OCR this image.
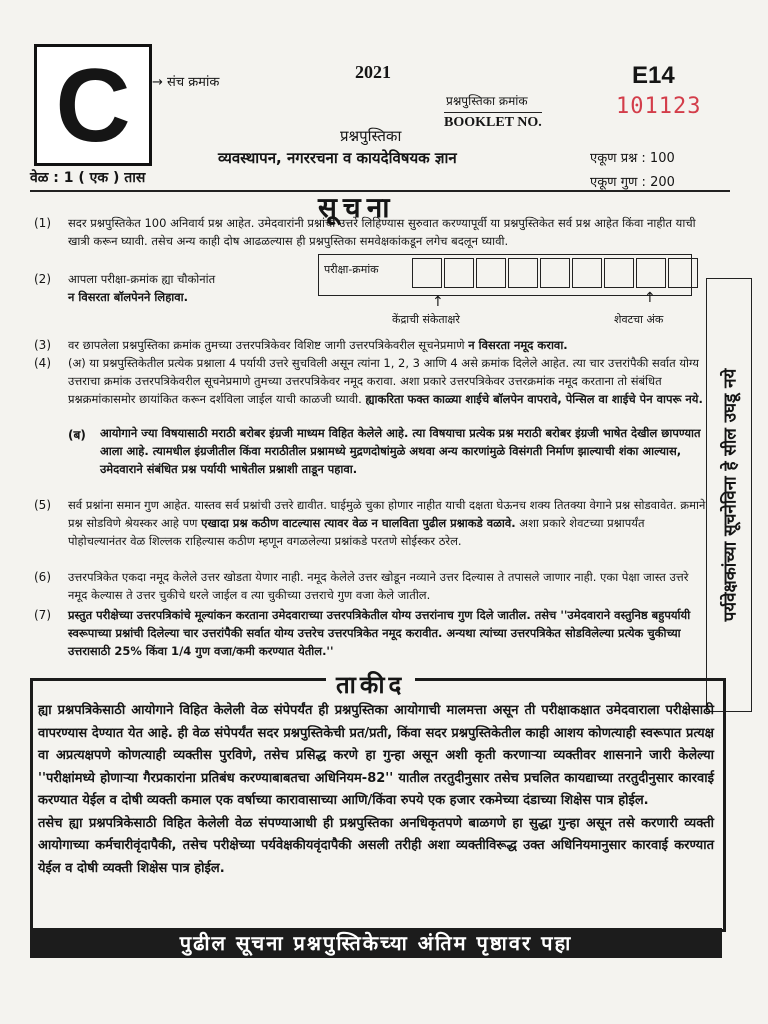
C	→ संच क्रमांक
2021	E14
101123
प्रश्नपुस्तिका क्रमांक
BOOKLET NO.
प्रश्नपुस्तिका
व्यवस्थापन, नगररचना व कायदेविषयक ज्ञान	एकूण प्रश्न : 100
एकूण गुण : 200
वेळ : 1 ( एक ) तास
सूचना
(1) सदर प्रश्नपुस्तिकेत 100 अनिवार्य प्रश्न आहेत. उमेदवारांनी प्रश्नांची उत्तरे लिहिण्यास सुरुवात करण्यापूर्वी या प्रश्नपुस्तिकेत सर्व प्रश्न आहेत किंवा नाहीत याची खात्री करून घ्यावी. तसेच अन्य काही दोष आढळल्यास ही प्रश्नपुस्तिका समवेक्षकांकडून लगेच बदलून घ्यावी.
(2) आपला परीक्षा-क्रमांक ह्या चौकोनांत
न विसरता बॉलपेनने लिहावा.
परीक्षा-क्रमांक
↑	↑
केंद्राची संकेताक्षरे	शेवटचा अंक
पर्यवेक्षकांच्या सूचनेविना हे सील उघडू नये
(3) वर छापलेला प्रश्नपुस्तिका क्रमांक तुमच्या उत्तरपत्रिकेवर विशिष्ट जागी उत्तरपत्रिकेवरील सूचनेप्रमाणे न विसरता नमूद करावा.
(4) (अ) या प्रश्नपुस्तिकेतील प्रत्येक प्रश्नाला 4 पर्यायी उत्तरे सुचविली असून त्यांना 1, 2, 3 आणि 4 असे क्रमांक दिलेले आहेत. त्या चार उत्तरांपैकी सर्वात योग्य उत्तराचा क्रमांक उत्तरपत्रिकेवरील सूचनेप्रमाणे तुमच्या उत्तरपत्रिकेवर नमूद करावा. अशा प्रकारे उत्तरपत्रिकेवर उत्तरक्रमांक नमूद करताना तो संबंधित प्रश्नक्रमांकासमोर छायांकित करून दर्शविला जाईल याची काळजी घ्यावी. ह्याकरिता फक्त काळ्या शाईचे बॉलपेन वापरावे, पेन्सिल वा शाईचे पेन वापरू नये.
(ब) आयोगाने ज्या विषयासाठी मराठी बरोबर इंग्रजी माध्यम विहित केलेले आहे. त्या विषयाचा प्रत्येक प्रश्न मराठी बरोबर इंग्रजी भाषेत देखील छापण्यात आला आहे. त्यामधील इंग्रजीतील किंवा मराठीतील प्रश्नामध्ये मुद्रणदोषांमुळे अथवा अन्य कारणांमुळे विसंगती निर्माण झाल्याची शंका आल्यास, उमेदवाराने संबंधित प्रश्न पर्यायी भाषेतील प्रश्नाशी ताडून पहावा.
(5) सर्व प्रश्नांना समान गुण आहेत. यास्तव सर्व प्रश्नांची उत्तरे द्यावीत. घाईमुळे चुका होणार नाहीत याची दक्षता घेऊनच शक्य तितक्या वेगाने प्रश्न सोडवावेत. क्रमाने प्रश्न सोडविणे श्रेयस्कर आहे पण एखादा प्रश्न कठीण वाटल्यास त्यावर वेळ न घालविता पुढील प्रश्नाकडे वळावे. अशा प्रकारे शेवटच्या प्रश्नापर्यंत पोहोचल्यानंतर वेळ शिल्लक राहिल्यास कठीण म्हणून वगळलेल्या प्रश्नांकडे परतणे सोईस्कर ठरेल.
(6) उत्तरपत्रिकेत एकदा नमूद केलेले उत्तर खोडता येणार नाही. नमूद केलेले उत्तर खोडून नव्याने उत्तर दिल्यास ते तपासले जाणार नाही. एका पेक्षा जास्त उत्तरे नमूद केल्यास ते उत्तर चुकीचे धरले जाईल व त्या चुकीच्या उत्तराचे गुण वजा केले जातील.
(7) प्रस्तुत परीक्षेच्या उत्तरपत्रिकांचे मूल्यांकन करताना उमेदवाराच्या उत्तरपत्रिकेतील योग्य उत्तरांनाच गुण दिले जातील. तसेच ''उमेदवाराने वस्तुनिष्ठ बहुपर्यायी स्वरूपाच्या प्रश्नांची दिलेल्या चार उत्तरांपैकी सर्वात योग्य उत्तरेच उत्तरपत्रिकेत नमूद करावीत. अन्यथा त्यांच्या उत्तरपत्रिकेत सोडविलेल्या प्रत्येक चुकीच्या उत्तरासाठी 25% किंवा 1/4 गुण वजा/कमी करण्यात येतील.''
ताकीद
ह्या प्रश्नपत्रिकेसाठी आयोगाने विहित केलेली वेळ संपेपर्यंत ही प्रश्नपुस्तिका आयोगाची मालमत्ता असून ती परीक्षाकक्षात उमेदवाराला परीक्षेसाठी वापरण्यास देण्यात येत आहे. ही वेळ संपेपर्यंत सदर प्रश्नपुस्तिकेची प्रत/प्रती, किंवा सदर प्रश्नपुस्तिकेतील काही आशय कोणत्याही स्वरूपात प्रत्यक्ष वा अप्रत्यक्षपणे कोणत्याही व्यक्तीस पुरविणे, तसेच प्रसिद्ध करणे हा गुन्हा असून अशी कृती करणाऱ्या व्यक्तीवर शासनाने जारी केलेल्या ''परीक्षांमध्ये होणाऱ्या गैरप्रकारांना प्रतिबंध करण्याबाबतचा अधिनियम-82'' यातील तरतुदीनुसार तसेच प्रचलित कायद्याच्या तरतुदीनुसार कारवाई करण्यात येईल व दोषी व्यक्ती कमाल एक वर्षाच्या कारावासाच्या आणि/किंवा रुपये एक हजार रकमेच्या दंडाच्या शिक्षेस पात्र होईल.
तसेच ह्या प्रश्नपत्रिकेसाठी विहित केलेली वेळ संपण्याआधी ही प्रश्नपुस्तिका अनधिकृतपणे बाळगणे हा सुद्धा गुन्हा असून तसे करणारी व्यक्ती आयोगाच्या कर्मचारीवृंदापैकी, तसेच परीक्षेच्या पर्यवेक्षकीयवृंदापैकी असली तरीही अशा व्यक्तीविरूद्ध उक्त अधिनियमानुसार कारवाई करण्यात येईल व दोषी व्यक्ती शिक्षेस पात्र होईल.
पुढील सूचना प्रश्नपुस्तिकेच्या अंतिम पृष्ठावर पहा
